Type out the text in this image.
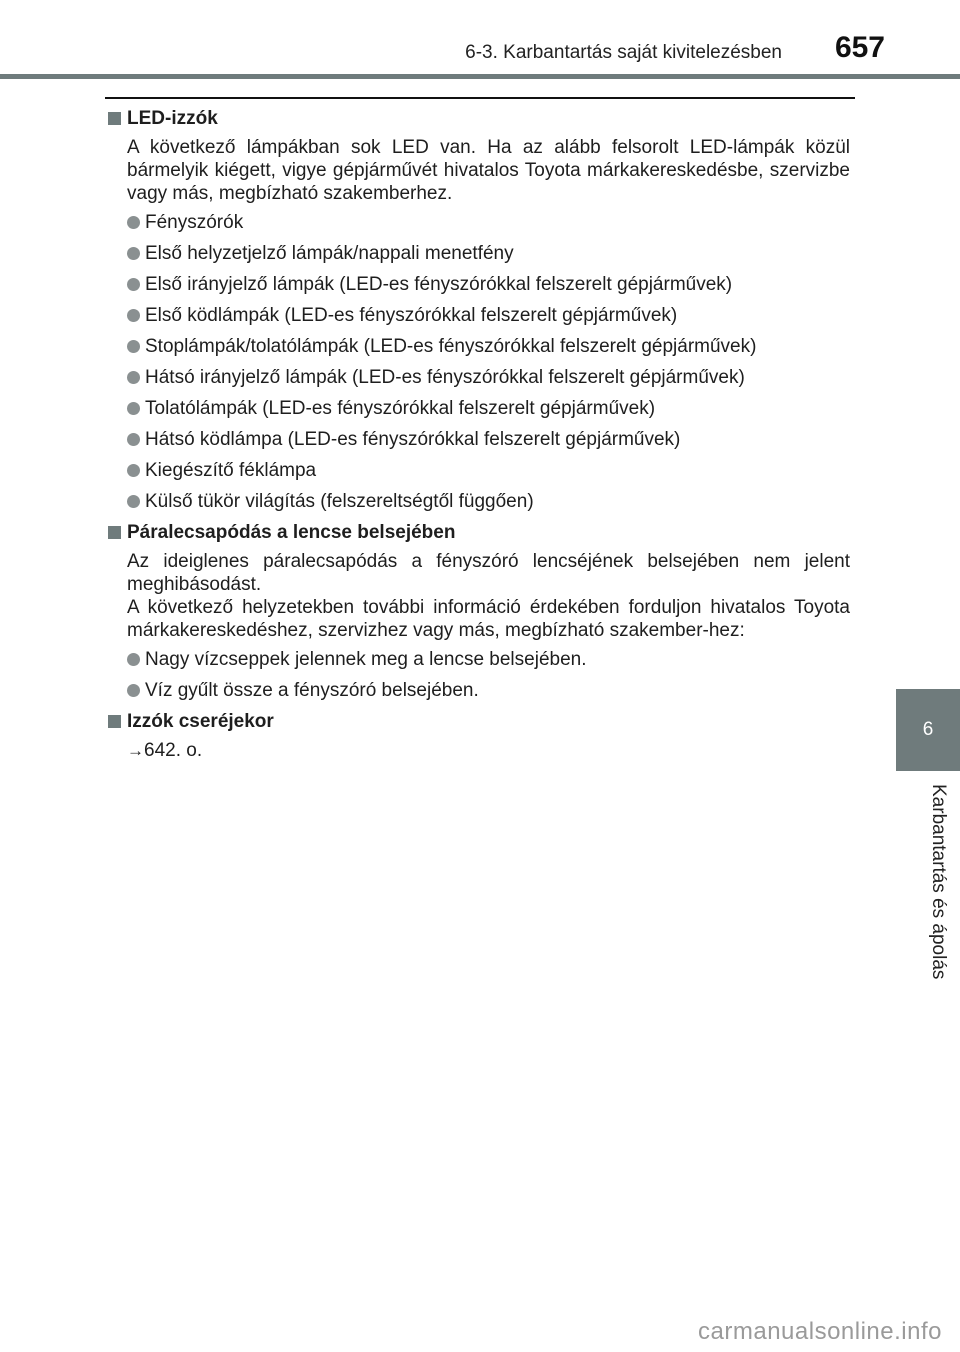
6-3. Karbantartás saját kivitelezésben 657
6
Karbantartás és ápolás
LED-izzók

A következő lámpákban sok LED van. Ha az alább felsorolt LED-lámpák közül bármelyik kiégett, vigye gépjárművét hivatalos Toyota márkakereskedésbe, szervizbe vagy más, megbízható szakemberhez.

Fényszórók
Első helyzetjelző lámpák/nappali menetfény
Első irányjelző lámpák (LED-es fényszórókkal felszerelt gépjárművek)
Első ködlámpák (LED-es fényszórókkal felszerelt gépjárművek)
Stoplámpák/tolatólámpák (LED-es fényszórókkal felszerelt gépjárművek)
Hátsó irányjelző lámpák (LED-es fényszórókkal felszerelt gépjárművek)
Tolatólámpák (LED-es fényszórókkal felszerelt gépjárművek)
Hátsó ködlámpa (LED-es fényszórókkal felszerelt gépjárművek)
Kiegészítő féklámpa
Külső tükör világítás (felszereltségtől függően)
Páralecsapódás a lencse belsejében

Az ideiglenes páralecsapódás a fényszóró lencséjének belsejében nem jelent meghibásodást.

A következő helyzetekben további információ érdekében forduljon hivatalos Toyota márkakereskedéshez, szervizhez vagy más, megbízható szakember-hez:

Nagy vízcseppek jelennek meg a lencse belsejében.
Víz gyűlt össze a fényszóró belsejében.
Izzók cseréjekor
→642. o.
carmanualsonline.info
